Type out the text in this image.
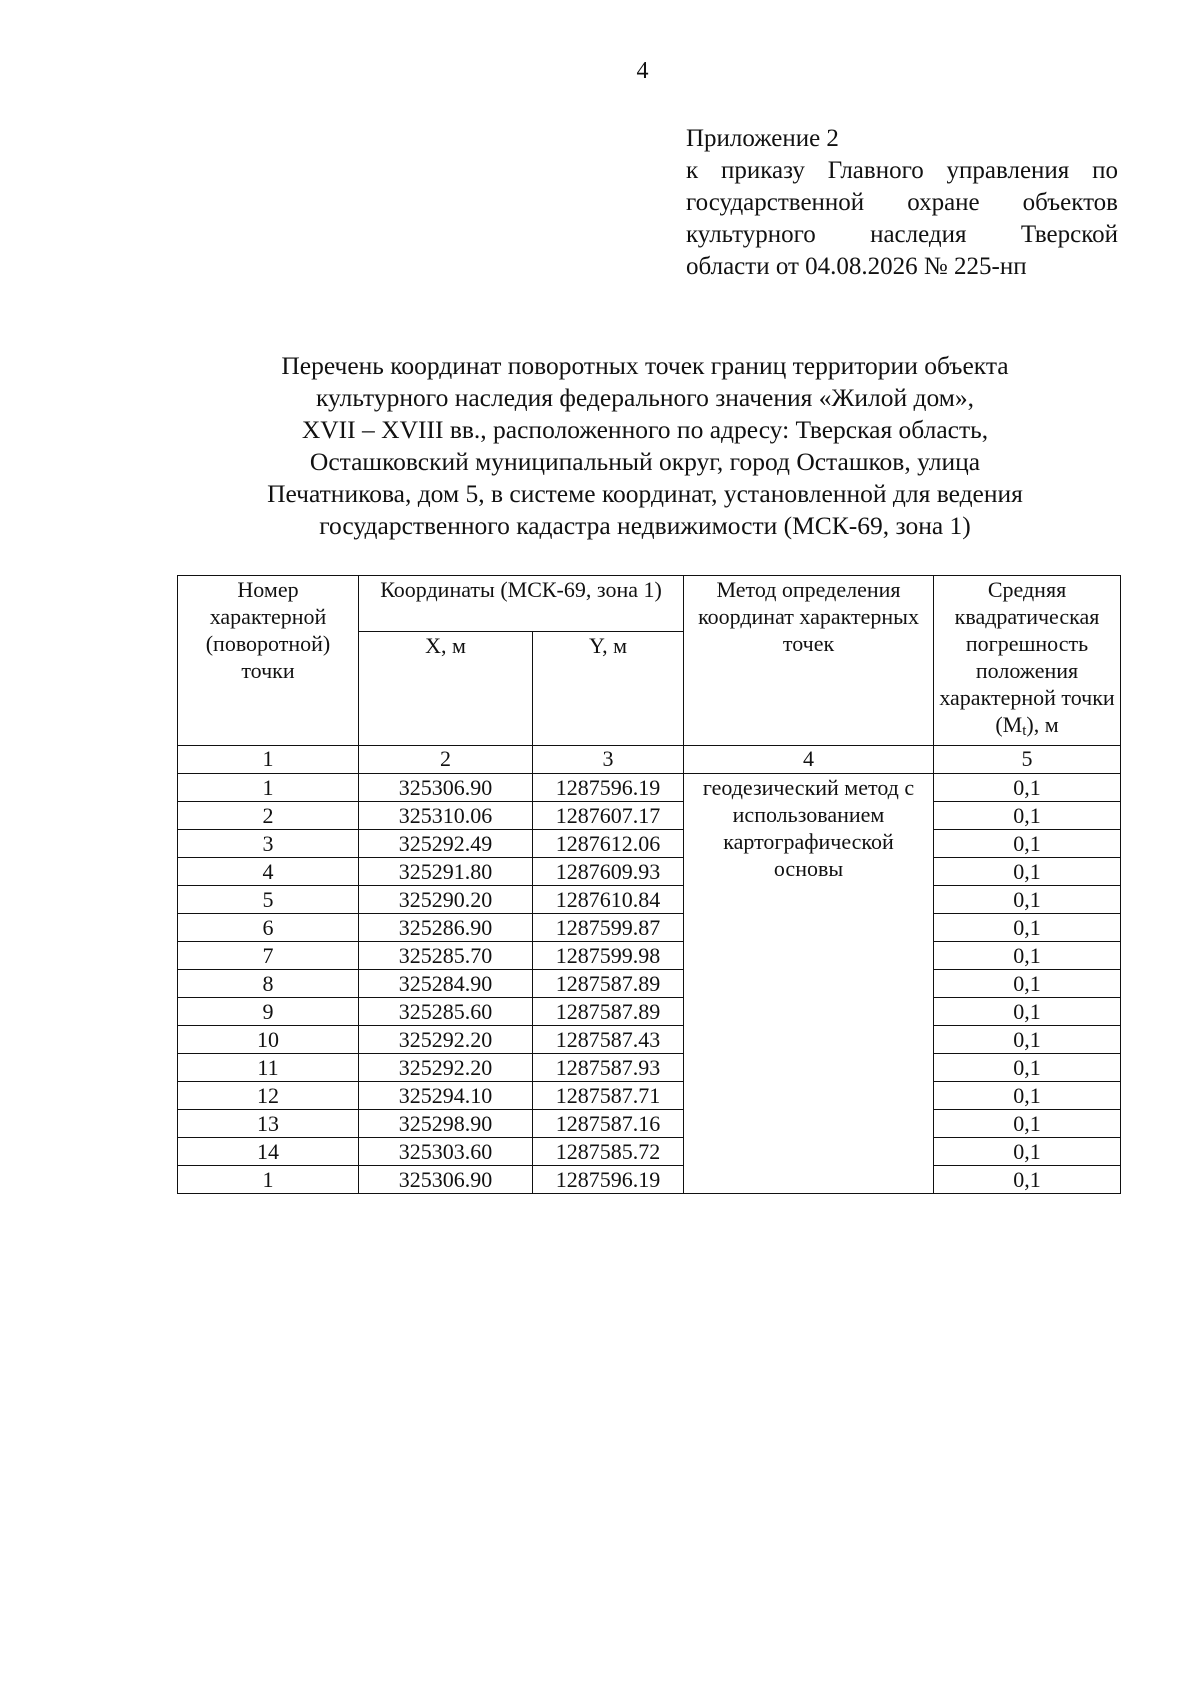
4
Приложение 2
к приказу Главного управления по
государственной охране объектов
культурного наследия Тверской
области от 04.08.2026 № 225-нп
Перечень координат поворотных точек границ территории объекта
культурного наследия федерального значения «Жилой дом»,
XVII – XVIII вв., расположенного по адресу: Тверская область,
Осташковский муниципальный округ, город Осташков, улица
Печатникова, дом 5, в системе координат, установленной для ведения
государственного кадастра недвижимости (МСК-69, зона 1)
Номер характерной (поворотной) точки	Координаты (МСК-69, зона 1)		Метод определения координат характерных точек	Средняя квадратическая погрешность положения характерной точки $(M_t)$, м
	X, м	Y, м		
1	2	3	4	5
1	325306.90	1287596.19	геодезический метод с использованием картографической основы	0,1
2	325310.06	1287607.17		0,1
3	325292.49	1287612.06		0,1
4	325291.80	1287609.93		0,1
5	325290.20	1287610.84		0,1
6	325286.90	1287599.87		0,1
7	325285.70	1287599.98		0,1
8	325284.90	1287587.89		0,1
9	325285.60	1287587.89		0,1
10	325292.20	1287587.43		0,1
11	325292.20	1287587.93		0,1
12	325294.10	1287587.71		0,1
13	325298.90	1287587.16		0,1
14	325303.60	1287585.72		0,1
1	325306.90	1287596.19		0,1
